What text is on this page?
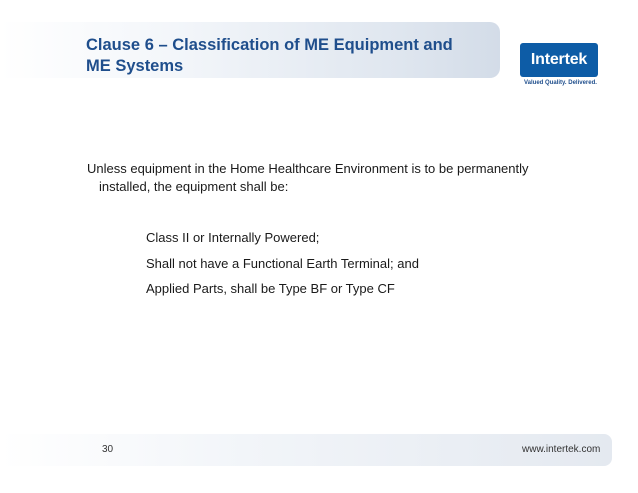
Clause 6 – Classification of ME Equipment and
ME Systems	Intertek
Valued Quality. Delivered.
Unless equipment in the Home Healthcare Environment is to be permanently
installed, the equipment shall be:
Class II or Internally Powered;
Shall not have a Functional Earth Terminal; and
Applied Parts, shall be Type BF or Type CF
30	www.intertek.com
